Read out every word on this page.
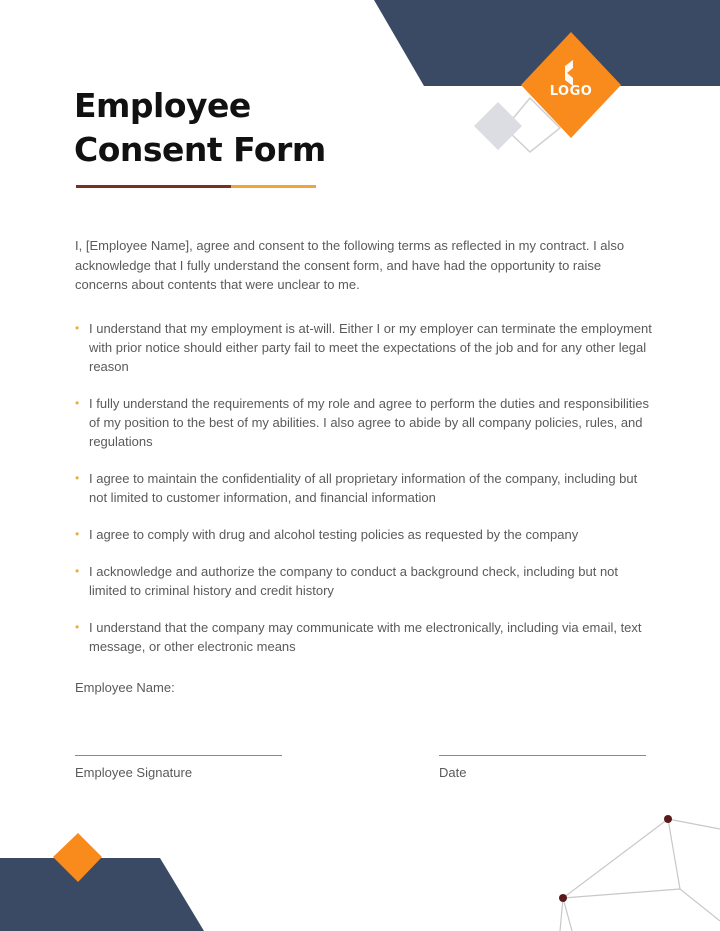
LOGO
Employee
Consent Form

I, [Employee Name], agree and consent to the following terms as reflected in my contract. I also acknowledge that I fully understand the consent form, and have had the opportunity to raise concerns about contents that were unclear to me.

• I understand that my employment is at-will. Either I or my employer can terminate the employment with prior notice should either party fail to meet the expectations of the job and for any other legal reason
• I fully understand the requirements of my role and agree to perform the duties and responsibilities of my position to the best of my abilities. I also agree to abide by all company policies, rules, and regulations
• I agree to maintain the confidentiality of all proprietary information of the company, including but not limited to customer information, and financial information
• I agree to comply with drug and alcohol testing policies as requested by the company
• I acknowledge and authorize the company to conduct a background check, including but not limited to criminal history and credit history
• I understand that the company may communicate with me electronically, including via email, text message, or other electronic means
Employee Name:
Employee Signature	Date
